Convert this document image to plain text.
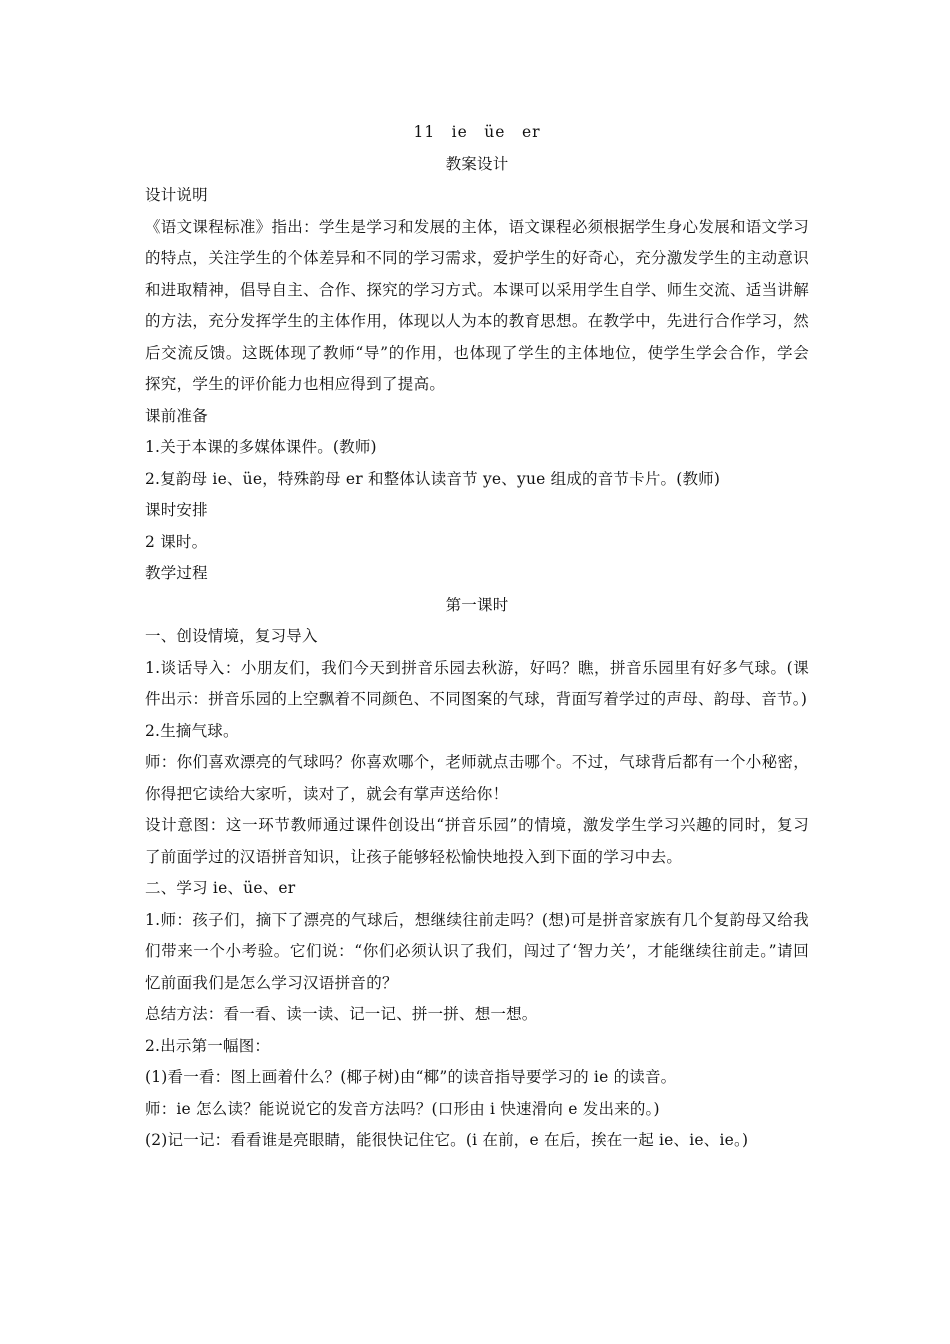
11　ie　üe　er
教案设计
设计说明
《语文课程标准》指出：学生是学习和发展的主体，语文课程必须根据学生身心发展和语文学习的特点，关注学生的个体差异和不同的学习需求，爱护学生的好奇心，充分激发学生的主动意识和进取精神，倡导自主、合作、探究的学习方式。本课可以采用学生自学、师生交流、适当讲解的方法，充分发挥学生的主体作用，体现以人为本的教育思想。在教学中，先进行合作学习，然后交流反馈。这既体现了教师“导”的作用，也体现了学生的主体地位，使学生学会合作，学会探究，学生的评价能力也相应得到了提高。
课前准备
1.关于本课的多媒体课件。(教师)
2.复韵母 ie、üe，特殊韵母 er 和整体认读音节 ye、yue 组成的音节卡片。(教师)
课时安排
2 课时。
教学过程
第一课时
一、创设情境，复习导入
1.谈话导入：小朋友们，我们今天到拼音乐园去秋游，好吗？瞧，拼音乐园里有好多气球。(课件出示：拼音乐园的上空飘着不同颜色、不同图案的气球，背面写着学过的声母、韵母、音节。)
2.生摘气球。
师：你们喜欢漂亮的气球吗？你喜欢哪个，老师就点击哪个。不过，气球背后都有一个小秘密，你得把它读给大家听，读对了，就会有掌声送给你！
设计意图：这一环节教师通过课件创设出“拼音乐园”的情境，激发学生学习兴趣的同时，复习了前面学过的汉语拼音知识，让孩子能够轻松愉快地投入到下面的学习中去。
二、学习 ie、üe、er
1.师：孩子们，摘下了漂亮的气球后，想继续往前走吗？(想)可是拼音家族有几个复韵母又给我们带来一个小考验。它们说：“你们必须认识了我们，闯过了‘智力关’，才能继续往前走。”请回忆前面我们是怎么学习汉语拼音的？
总结方法：看一看、读一读、记一记、拼一拼、想一想。
2.出示第一幅图：
(1)看一看：图上画着什么？(椰子树)由“椰”的读音指导要学习的 ie 的读音。
师：ie 怎么读？能说说它的发音方法吗？(口形由 i 快速滑向 e 发出来的。)
(2)记一记：看看谁是亮眼睛，能很快记住它。(i 在前，e 在后，挨在一起 ie、ie、ie。)
